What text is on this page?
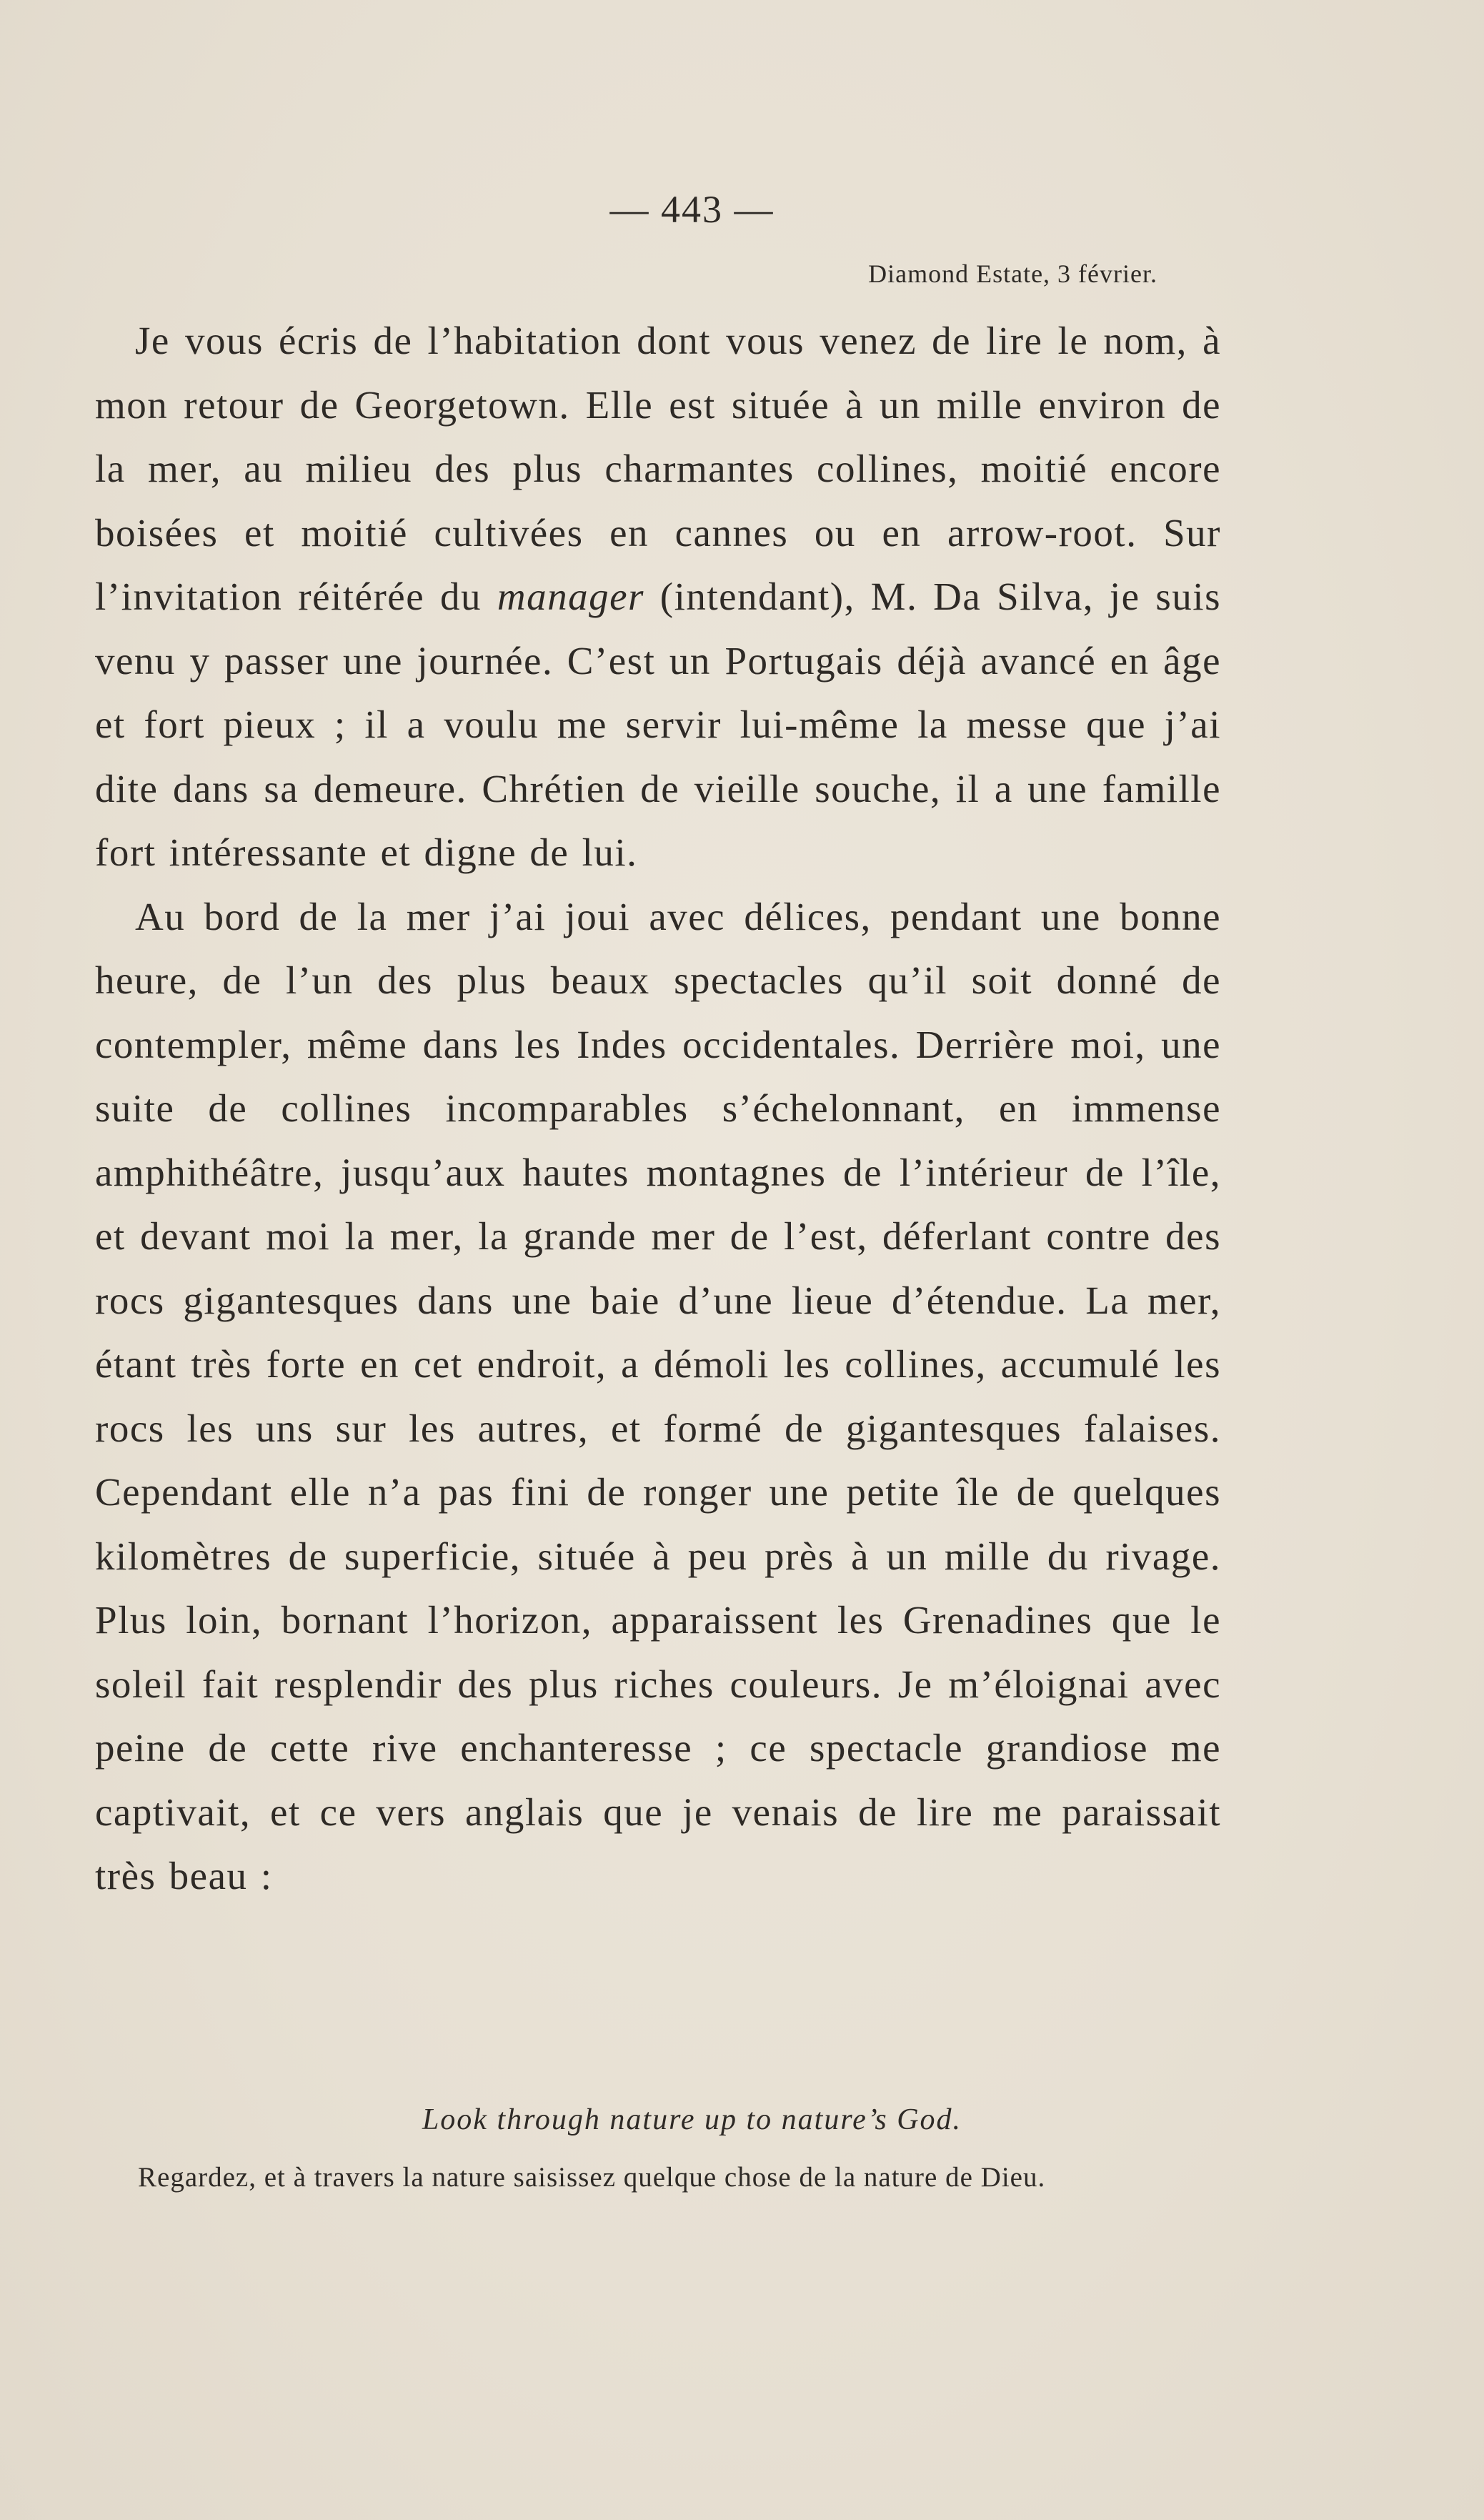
— 443 —
Diamond Estate, 3 février.

Je vous écris de l’habitation dont vous venez de lire le nom, à mon retour de Georgetown. Elle est située à un mille environ de la mer, au milieu des plus charmantes collines, moitié encore boisées et moitié cultivées en cannes ou en arrow-root. Sur l’invitation réitérée du manager (intendant), M. Da Silva, je suis venu y passer une journée. C’est un Portugais déjà avancé en âge et fort pieux ; il a voulu me servir lui-même la messe que j’ai dite dans sa demeure. Chrétien de vieille souche, il a une famille fort intéressante et digne de lui.

Au bord de la mer j’ai joui avec délices, pendant une bonne heure, de l’un des plus beaux spectacles qu’il soit donné de contempler, même dans les Indes occidentales. Derrière moi, une suite de collines incomparables s’échelonnant, en immense amphithéâtre, jusqu’aux hautes montagnes de l’intérieur de l’île, et devant moi la mer, la grande mer de l’est, déferlant contre des rocs gigantesques dans une baie d’une lieue d’étendue. La mer, étant très forte en cet endroit, a démoli les collines, accumulé les rocs les uns sur les autres, et formé de gigantesques falaises. Cependant elle n’a pas fini de ronger une petite île de quelques kilomètres de superficie, située à peu près à un mille du rivage. Plus loin, bornant l’horizon, apparaissent les Grenadines que le soleil fait resplendir des plus riches couleurs. Je m’éloignai avec peine de cette rive enchanteresse ; ce spectacle grandiose me captivait, et ce vers anglais que je venais de lire me paraissait très beau :

Look through nature up to nature’s God.
Regardez, et à travers la nature saisissez quelque chose de la nature de Dieu.
